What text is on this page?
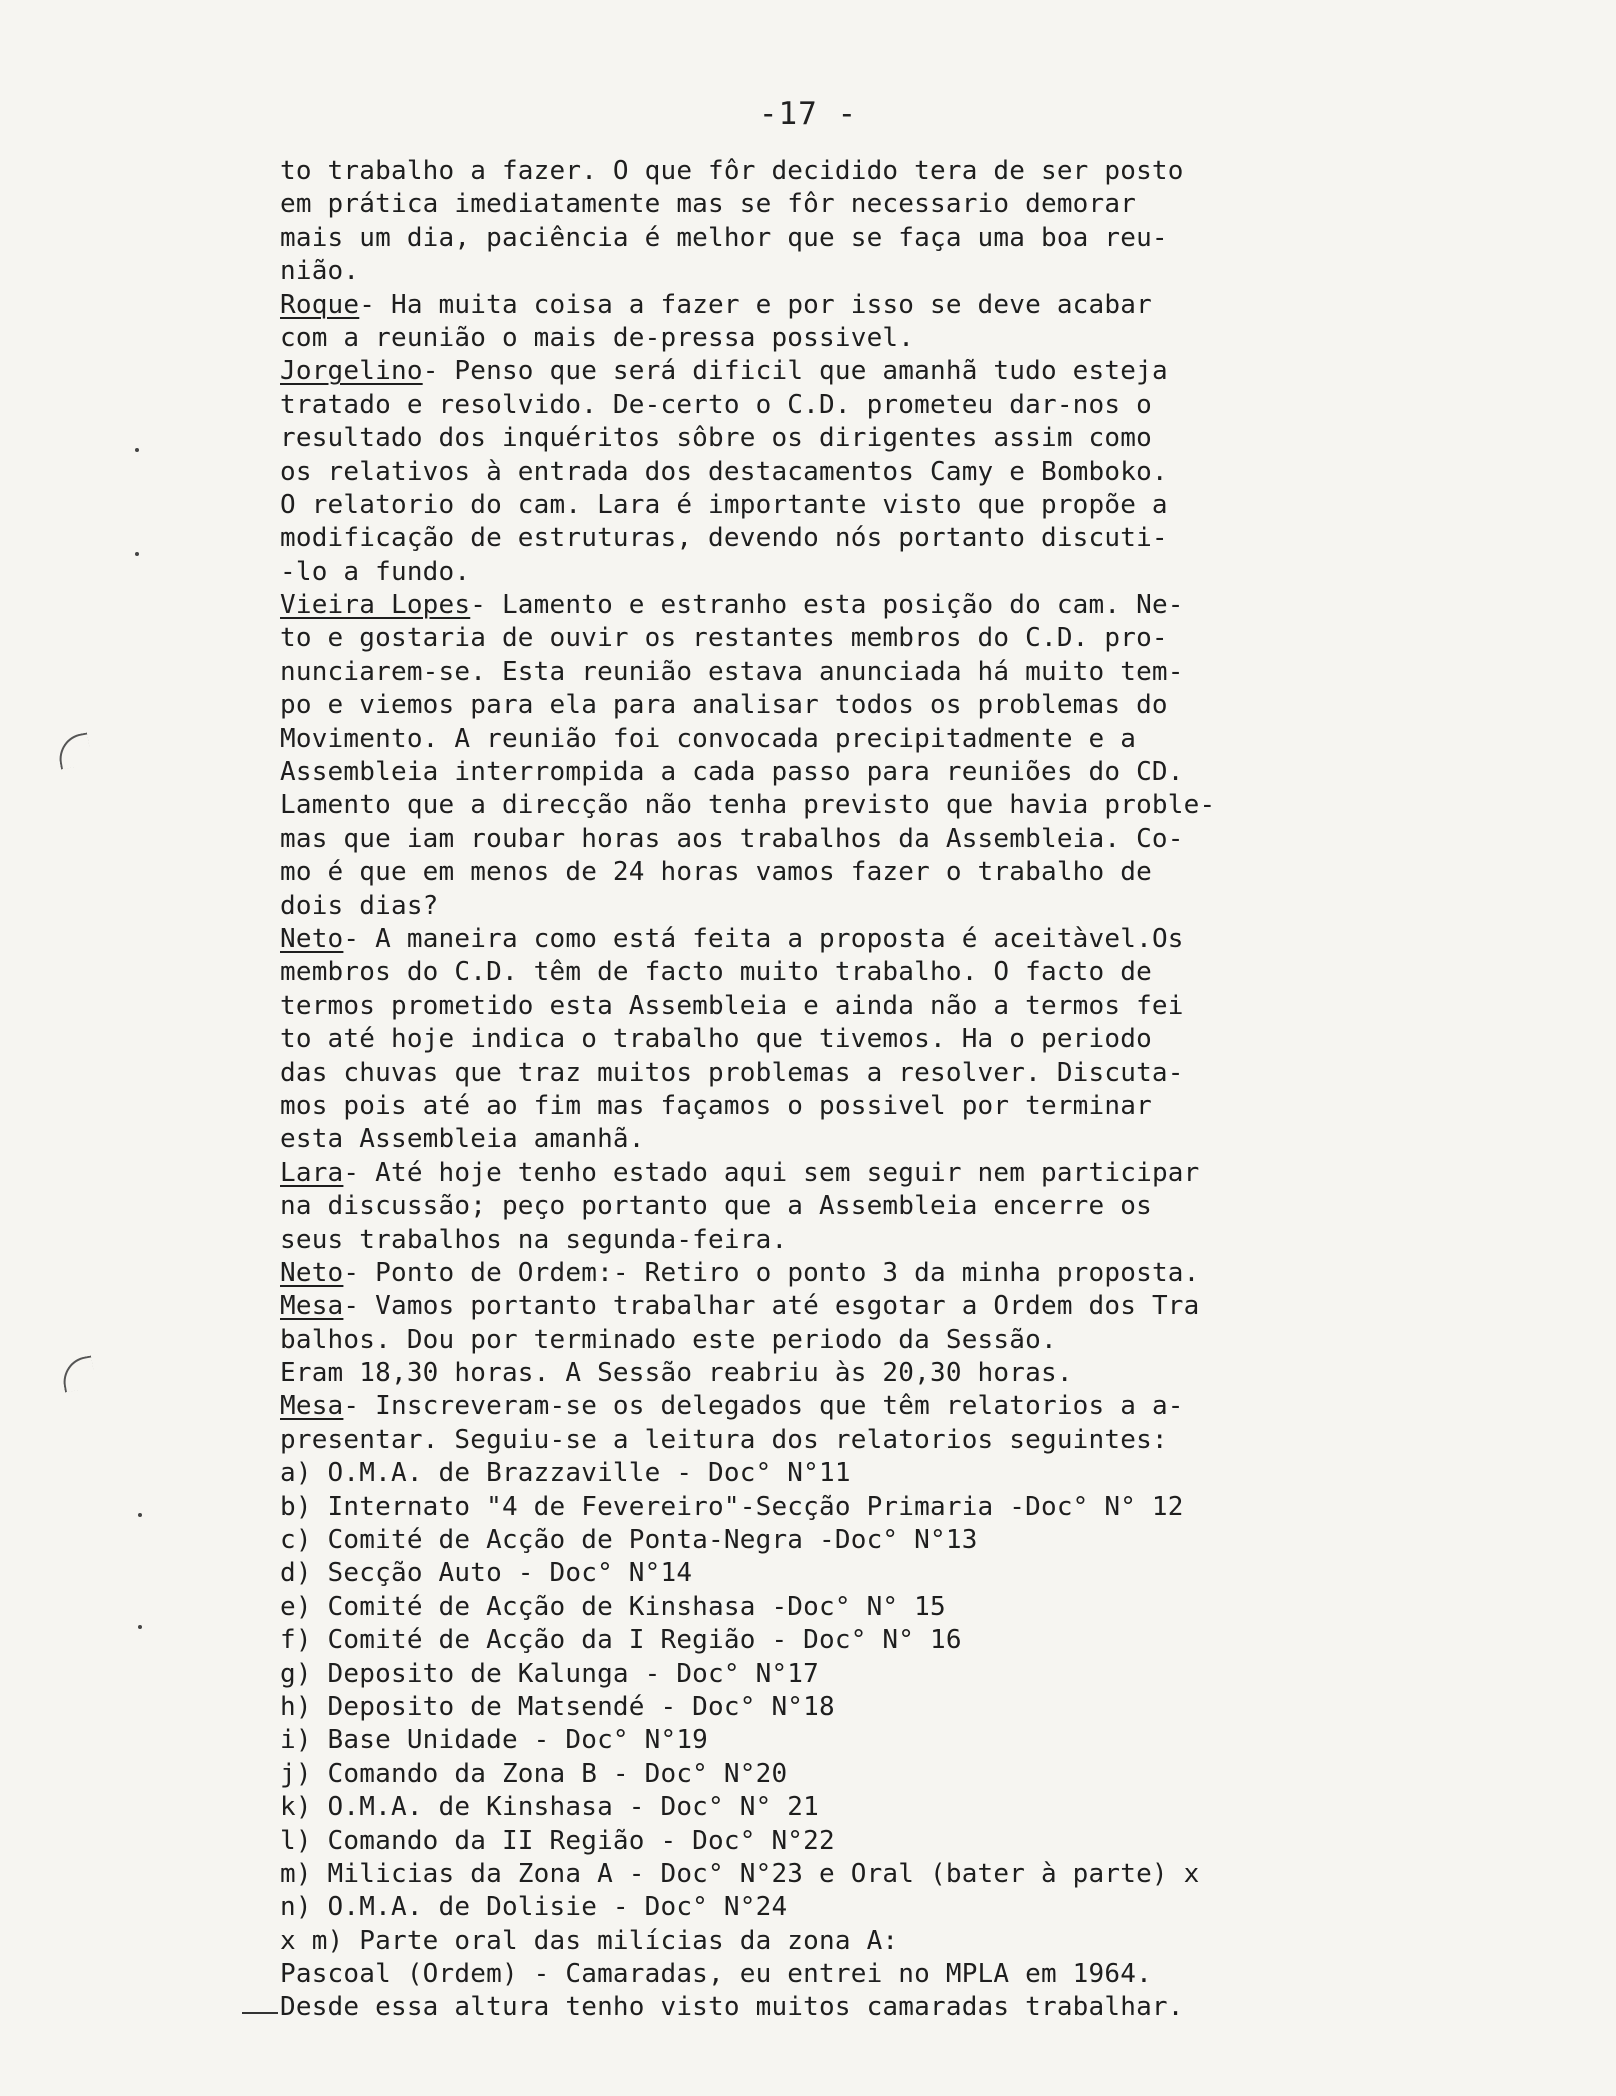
-17 -
to trabalho a fazer. O que fôr decidido tera de ser posto
em prática imediatamente mas se fôr necessario demorar
mais um dia, paciência é melhor que se faça uma boa reu-
nião.
Roque- Ha muita coisa a fazer e por isso se deve acabar
com a reunião o mais de-pressa possivel.
Jorgelino- Penso que será dificil que amanhã tudo esteja
tratado e resolvido. De-certo o C.D. prometeu dar-nos o
resultado dos inquéritos sôbre os dirigentes assim como
os relativos à entrada dos destacamentos Camy e Bomboko.
O relatorio do cam. Lara é importante visto que propõe a
modificação de estruturas, devendo nós portanto discuti-
-lo a fundo.
Vieira Lopes- Lamento e estranho esta posição do cam. Ne-
to e gostaria de ouvir os restantes membros do C.D. pro-
nunciarem-se. Esta reunião estava anunciada há muito tem-
po e viemos para ela para analisar todos os problemas do
Movimento. A reunião foi convocada precipitadmente e a
Assembleia interrompida a cada passo para reuniões do CD.
Lamento que a direcção não tenha previsto que havia proble-
mas que iam roubar horas aos trabalhos da Assembleia. Co-
mo é que em menos de 24 horas vamos fazer o trabalho de
dois dias?
Neto- A maneira como está feita a proposta é aceitàvel.Os
membros do C.D. têm de facto muito trabalho. O facto de
termos prometido esta Assembleia e ainda não a termos fei
to até hoje indica o trabalho que tivemos. Ha o periodo
das chuvas que traz muitos problemas a resolver. Discuta-
mos pois até ao fim mas façamos o possivel por terminar
esta Assembleia amanhã.
Lara- Até hoje tenho estado aqui sem seguir nem participar
na discussão; peço portanto que a Assembleia encerre os
seus trabalhos na segunda-feira.
Neto- Ponto de Ordem:- Retiro o ponto 3 da minha proposta.
Mesa- Vamos portanto trabalhar até esgotar a Ordem dos Tra
balhos. Dou por terminado este periodo da Sessão.
Eram 18,30 horas. A Sessão reabriu às 20,30 horas.
Mesa- Inscreveram-se os delegados que têm relatorios a a-
presentar. Seguiu-se a leitura dos relatorios seguintes:
a) O.M.A. de Brazzaville - Doc° N°11
b) Internato "4 de Fevereiro"-Secção Primaria -Doc° N° 12
c) Comité de Acção de Ponta-Negra -Doc° N°13
d) Secção Auto - Doc° N°14
e) Comité de Acção de Kinshasa -Doc° N° 15
f) Comité de Acção da I Região - Doc° N° 16
g) Deposito de Kalunga - Doc° N°17
h) Deposito de Matsendé - Doc° N°18
i) Base Unidade - Doc° N°19
j) Comando da Zona B - Doc° N°20
k) O.M.A. de Kinshasa - Doc° N° 21
l) Comando da II Região - Doc° N°22
m) Milicias da Zona A - Doc° N°23 e Oral (bater à parte) x
n) O.M.A. de Dolisie - Doc° N°24
x m) Parte oral das milícias da zona A:
Pascoal (Ordem) - Camaradas, eu entrei no MPLA em 1964.
Desde essa altura tenho visto muitos camaradas trabalhar.
